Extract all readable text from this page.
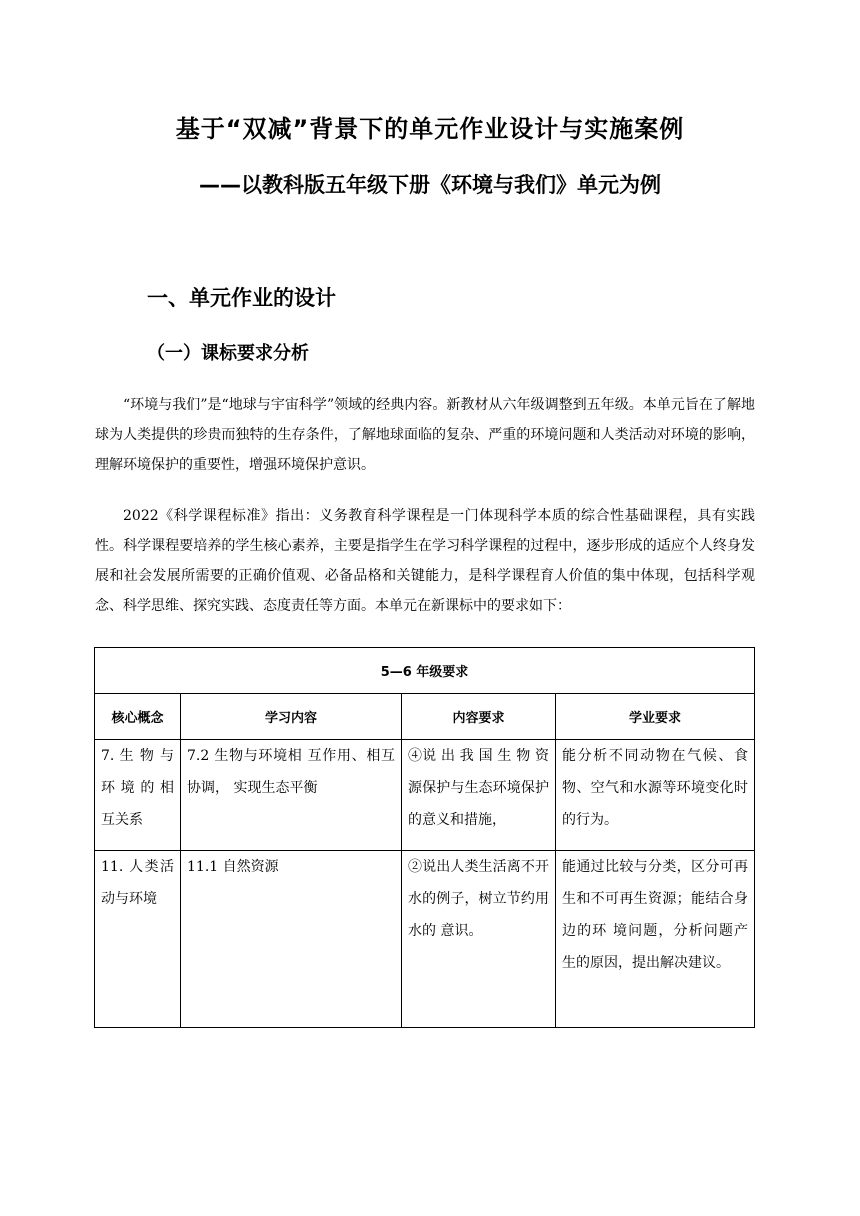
基于“双减”背景下的单元作业设计与实施案例
——以教科版五年级下册《环境与我们》单元为例
一、单元作业的设计
（一）课标要求分析

“环境与我们”是“地球与宇宙科学”领域的经典内容。新教材从六年级调整到五年级。本单元旨在了解地球为人类提供的珍贵而独特的生存条件，了解地球面临的复杂、严重的环境问题和人类活动对环境的影响，理解环境保护的重要性，增强环境保护意识。

2022《科学课程标准》指出：义务教育科学课程是一门体现科学本质的综合性基础课程，具有实践性。科学课程要培养的学生核心素养，主要是指学生在学习科学课程的过程中，逐步形成的适应个人终身发展和社会发展所需要的正确价值观、必备品格和关键能力，是科学课程育人价值的集中体现，包括科学观念、科学思维、探究实践、态度责任等方面。本单元在新课标中的要求如下：

5—6 年级要求			
核心概念	学习内容	内容要求	学业要求
7. 生 物 与 环 境 的 相 互关系	7.2 生物与环境相 互作用、相互协调， 实现生态平衡	④说 出 我 国 生 物 资 源保护与生态环境保护的意义和措施，	能分析不同动物在气候、食物、空气和水源等环境变化时的行为。
11. 人类活动与环境	11.1 自然资源	②说出人类生活离不开水的例子，树立节约用水的 意识。	能通过比较与分类，区分可再生和不可再生资源；能结合身边的环 境问题，分析问题产生的原因，提出解决建议。
